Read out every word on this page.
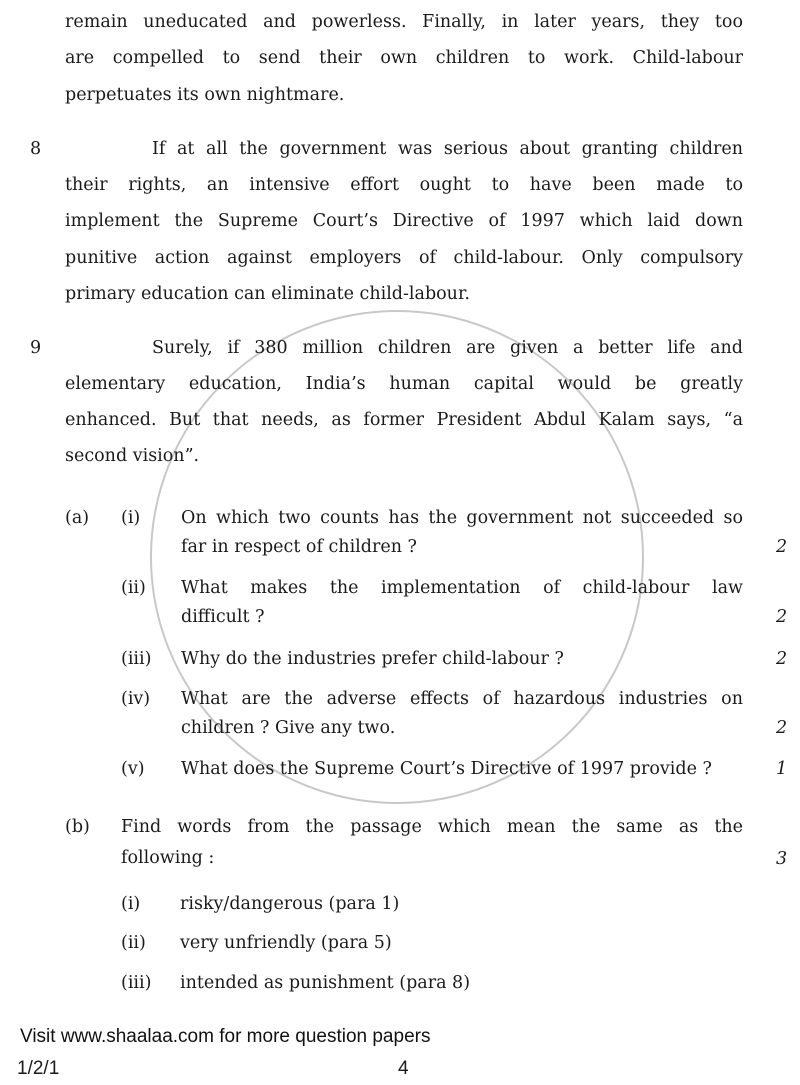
remain uneducated and powerless. Finally, in later years, they too
are compelled to send their own children to work. Child-labour
perpetuates its own nightmare.
8	If at all the government was serious about granting children
their rights, an intensive effort ought to have been made to
implement the Supreme Court’s Directive of 1997 which laid down
punitive action against employers of child-labour. Only compulsory
primary education can eliminate child-labour.
9	Surely, if 380 million children are given a better life and
elementary education, India’s human capital would be greatly
enhanced. But that needs, as former President Abdul Kalam says, “a
second vision”.
(a) (i) On which two counts has the government not succeeded so
far in respect of children ?	2
(ii) What makes the implementation of child-labour law
difficult ?	2
(iii) Why do the industries prefer child-labour ?	2
(iv) What are the adverse effects of hazardous industries on
children ? Give any two.	2
(v) What does the Supreme Court’s Directive of 1997 provide ?	1
(b) Find words from the passage which mean the same as the
following :	3
(i) risky/dangerous (para 1)
(ii) very unfriendly (para 5)
(iii) intended as punishment (para 8)
Visit www.shaalaa.com for more question papers
1/2/1	4
